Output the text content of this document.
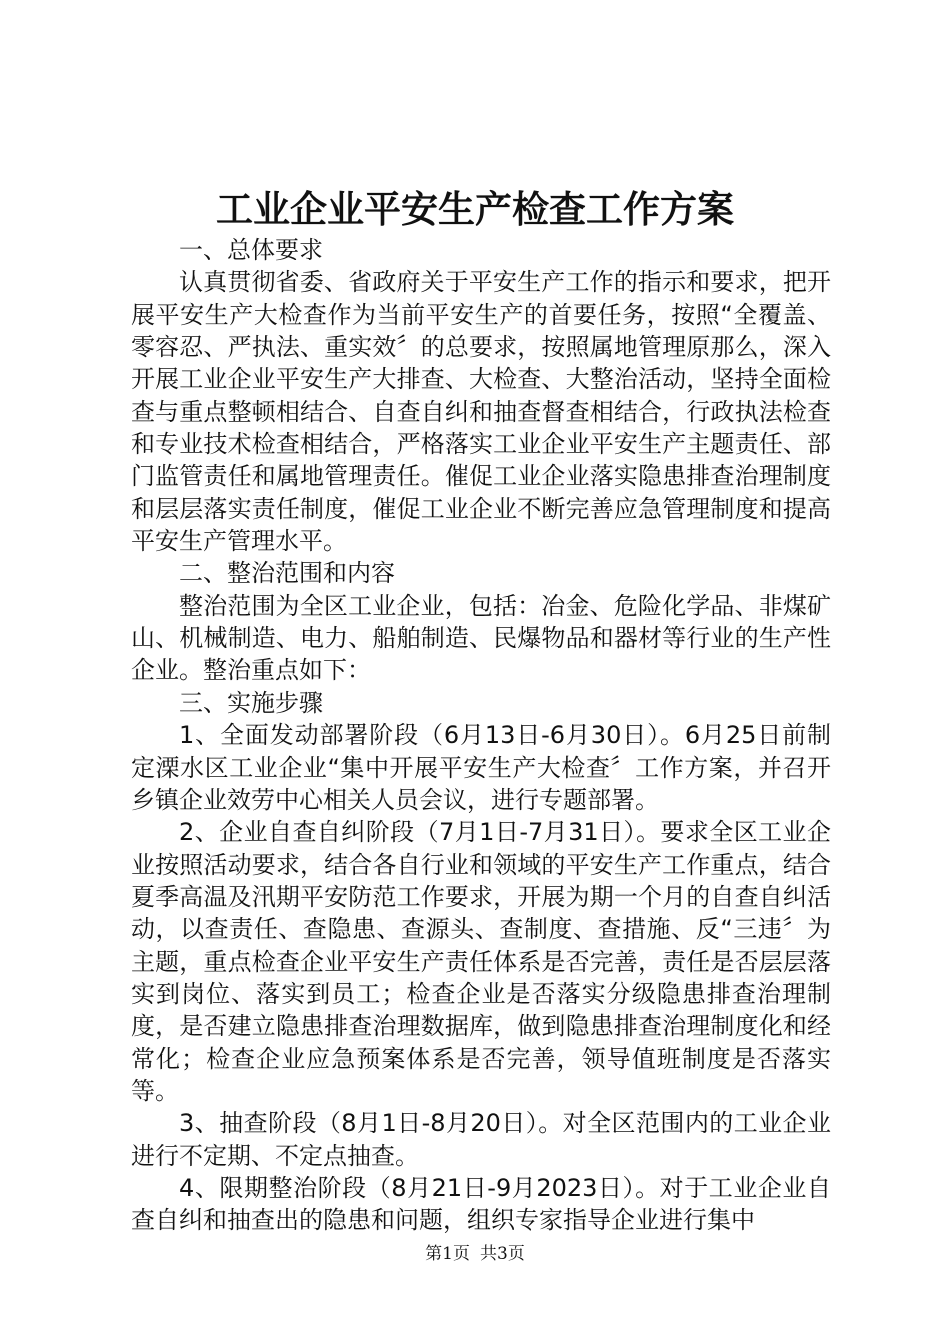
工业企业平安生产检查工作方案

一、总体要求

认真贯彻省委、省政府关于平安生产工作的指示和要求，把开展平安生产大检查作为当前平安生产的首要任务，按照“全覆盖、零容忍、严执法、重实效〞的总要求，按照属地管理原那么，深入开展工业企业平安生产大排查、大检查、大整治活动，坚持全面检查与重点整顿相结合、自查自纠和抽查督查相结合，行政执法检查和专业技术检查相结合，严格落实工业企业平安生产主题责任、部门监管责任和属地管理责任。催促工业企业落实隐患排查治理制度和层层落实责任制度，催促工业企业不断完善应急管理制度和提高平安生产管理水平。

二、整治范围和内容

整治范围为全区工业企业，包括：冶金、危险化学品、非煤矿山、机械制造、电力、船舶制造、民爆物品和器材等行业的生产性企业。整治重点如下：

三、实施步骤

1、全面发动部署阶段（6月13日-6月30日）。6月25日前制定溧水区工业企业“集中开展平安生产大检查〞工作方案，并召开乡镇企业效劳中心相关人员会议，进行专题部署。

2、企业自查自纠阶段（7月1日-7月31日）。要求全区工业企业按照活动要求，结合各自行业和领域的平安生产工作重点，结合夏季高温及汛期平安防范工作要求，开展为期一个月的自查自纠活动，以查责任、查隐患、查源头、查制度、查措施、反“三违〞为主题，重点检查企业平安生产责任体系是否完善，责任是否层层落实到岗位、落实到员工；检查企业是否落实分级隐患排查治理制度，是否建立隐患排查治理数据库，做到隐患排查治理制度化和经常化；检查企业应急预案体系是否完善，领导值班制度是否落实等。

3、抽查阶段（8月1日-8月20日）。对全区范围内的工业企业进行不定期、不定点抽查。

4、限期整治阶段（8月21日-9月2023日）。对于工业企业自查自纠和抽查出的隐患和问题，组织专家指导企业进行集中

第1页 共3页
